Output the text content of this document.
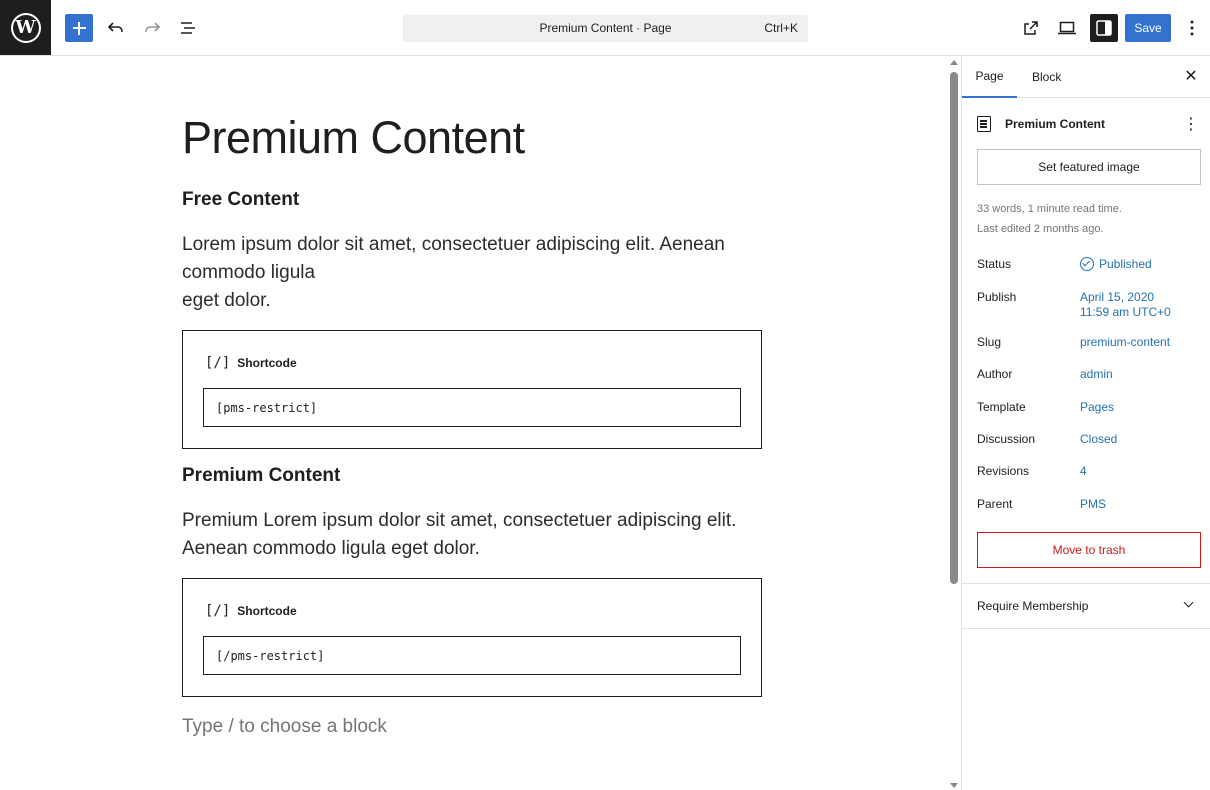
W	Premium Content · Page	Ctrl+K	Save
Premium Content
Free Content
Lorem ipsum dolor sit amet, consectetuer adipiscing elit. Aenean commodo ligula
eget dolor.
[/] Shortcode
[pms-restrict]
Premium Content
Premium Lorem ipsum dolor sit amet, consectetuer adipiscing elit. Aenean commodo ligula eget dolor.
[/] Shortcode
[/pms-restrict]
Type / to choose a block
Page	Block	✕
Premium Content	⋮
Set featured image
33 words, 1 minute read time.
Last edited 2 months ago.
Status	Published
Publish	April 15, 2020
11:59 am UTC+0
Slug	premium-content
Author	admin
Template	Pages
Discussion	Closed
Revisions	4
Parent	PMS
Move to trash
Require Membership
